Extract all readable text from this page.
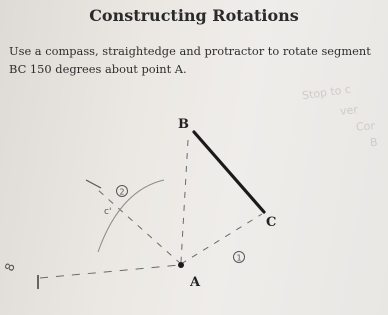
Constructing Rotations
Use a compass, straightedge and protractor to rotate segment BC 150 degrees about point A.
Stop to c
ver
Cor
B
B
C
A
2
1
c'
8
